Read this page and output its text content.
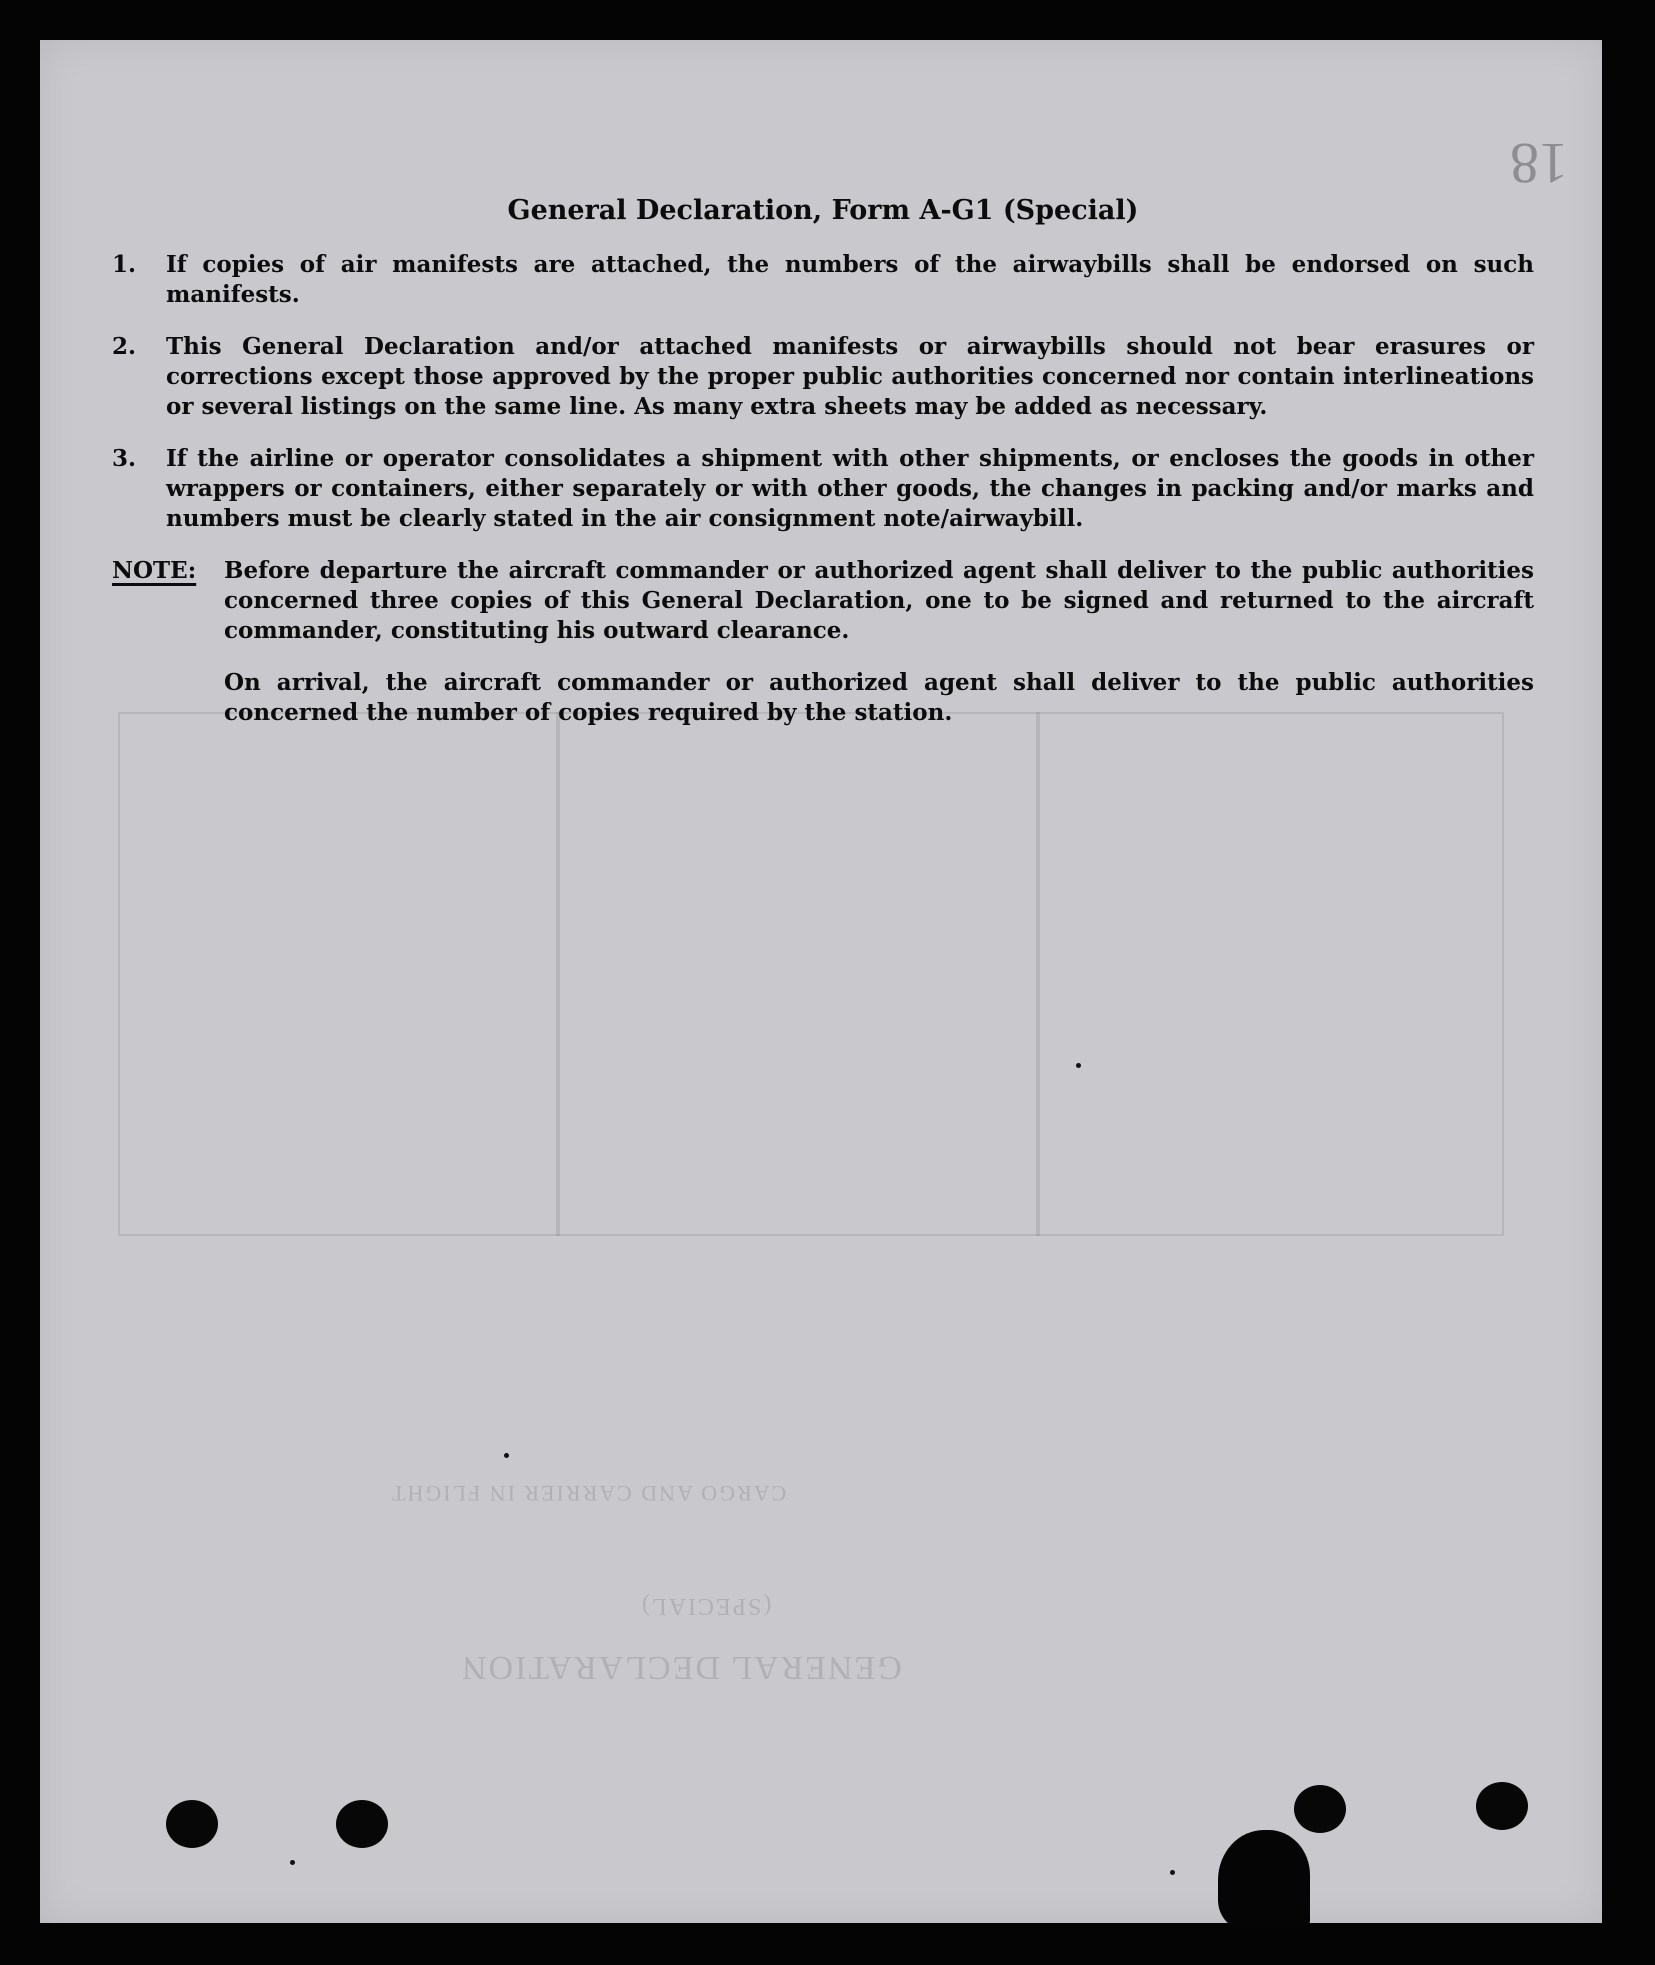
GENERAL DECLARATION
(SPECIAL)
CARGO AND CARRIER IN FLIGHT
18
General Declaration, Form A-G1 (Special)
1.	If copies of air manifests are attached, the numbers of the airwaybills shall be endorsed on such manifests.
2.	This General Declaration and/or attached manifests or airwaybills should not bear erasures or corrections except those approved by the proper public authorities concerned nor contain interlineations or several listings on the same line. As many extra sheets may be added as necessary.
3.	If the airline or operator consolidates a shipment with other shipments, or encloses the goods in other wrappers or containers, either separately or with other goods, the changes in packing and/or marks and numbers must be clearly stated in the air consignment note/airwaybill.
NOTE:	Before departure the aircraft commander or authorized agent shall deliver to the public authorities concerned three copies of this General Declaration, one to be signed and returned to the aircraft commander, constituting his outward clearance.

On arrival, the aircraft commander or authorized agent shall deliver to the public authorities concerned the number of copies required by the station.
